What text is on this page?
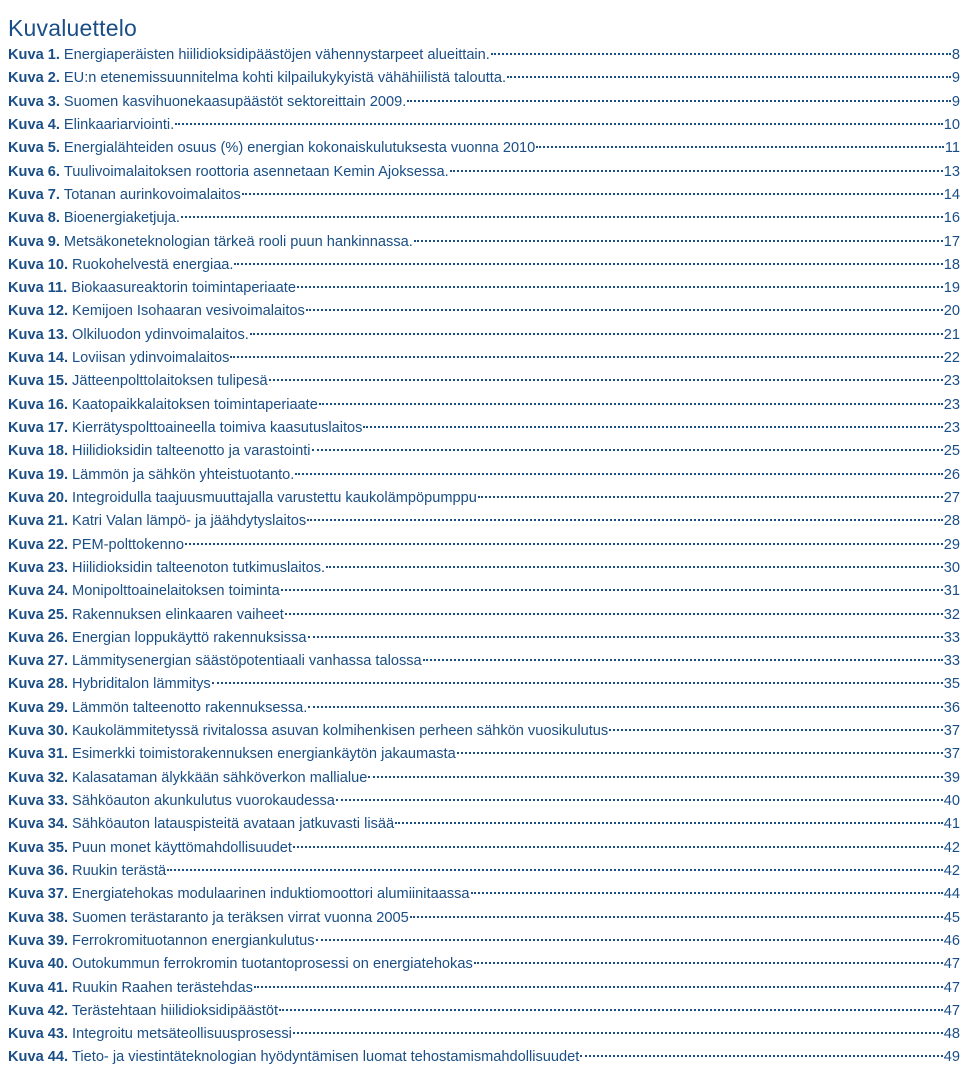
Kuvaluettelo
Kuva 1. Energiaperäisten hiilidioksidipäästöjen vähennystarpeet alueittain.	8
Kuva 2. EU:n etenemissuunnitelma kohti kilpailukykyistä vähähiilistä taloutta.	9
Kuva 3. Suomen kasvihuonekaasupäästöt sektoreittain 2009.	9
Kuva 4. Elinkaariarviointi.	10
Kuva 5. Energialähteiden osuus (%) energian kokonaiskulutuksesta vuonna 2010	11
Kuva 6. Tuulivoimalaitoksen roottoria asennetaan Kemin Ajoksessa.	13
Kuva 7. Totanan aurinkovoimalaitos	14
Kuva 8. Bioenergiaketjuja.	16
Kuva 9. Metsäkoneteknologian tärkeä rooli puun hankinnassa.	17
Kuva 10. Ruokohelvestä energiaa.	18
Kuva 11. Biokaasureaktorin toimintaperiaate	19
Kuva 12. Kemijoen Isohaaran vesivoimalaitos	20
Kuva 13. Olkiluodon ydinvoimalaitos.	21
Kuva 14. Loviisan ydinvoimalaitos	22
Kuva 15. Jätteenpolttolaitoksen tulipesä	23
Kuva 16. Kaatopaikkalaitoksen toimintaperiaate	23
Kuva 17. Kierrätyspolttoaineella toimiva kaasutuslaitos	23
Kuva 18. Hiilidioksidin talteenotto ja varastointi	25
Kuva 19. Lämmön ja sähkön yhteistuotanto.	26
Kuva 20. Integroidulla taajuusmuuttajalla varustettu kaukolämpöpumppu	27
Kuva 21. Katri Valan lämpö- ja jäähdytyslaitos	28
Kuva 22. PEM-polttokenno	29
Kuva 23. Hiilidioksidin talteenoton tutkimuslaitos.	30
Kuva 24. Monipolttoainelaitoksen toiminta	31
Kuva 25. Rakennuksen elinkaaren vaiheet	32
Kuva 26. Energian loppukäyttö rakennuksissa	33
Kuva 27. Lämmitysenergian säästöpotentiaali vanhassa talossa	33
Kuva 28. Hybriditalon lämmitys	35
Kuva 29. Lämmön talteenotto rakennuksessa.	36
Kuva 30. Kaukolämmitetyssä rivitalossa asuvan kolmihenkisen perheen sähkön vuosikulutus	37
Kuva 31. Esimerkki toimistorakennuksen energiankäytön jakaumasta	37
Kuva 32. Kalasataman älykkään sähköverkon mallialue	39
Kuva 33. Sähköauton akunkulutus vuorokaudessa	40
Kuva 34. Sähköauton latauspisteitä avataan jatkuvasti lisää	41
Kuva 35. Puun monet käyttömahdollisuudet	42
Kuva 36. Ruukin terästä	42
Kuva 37. Energiatehokas modulaarinen induktiomoottori alumiinitaassa	44
Kuva 38. Suomen terästaranto ja teräksen virrat vuonna 2005	45
Kuva 39. Ferrokromituotannon energiankulutus	46
Kuva 40. Outokummun ferrokromin tuotantoprosessi on energiatehokas	47
Kuva 41. Ruukin Raahen terästehdas	47
Kuva 42. Terästehtaan hiilidioksidipäästöt	47
Kuva 43. Integroitu metsäteollisuusprosessi	48
Kuva 44. Tieto- ja viestintäteknologian hyödyntämisen luomat tehostamismahdollisuudet	49
